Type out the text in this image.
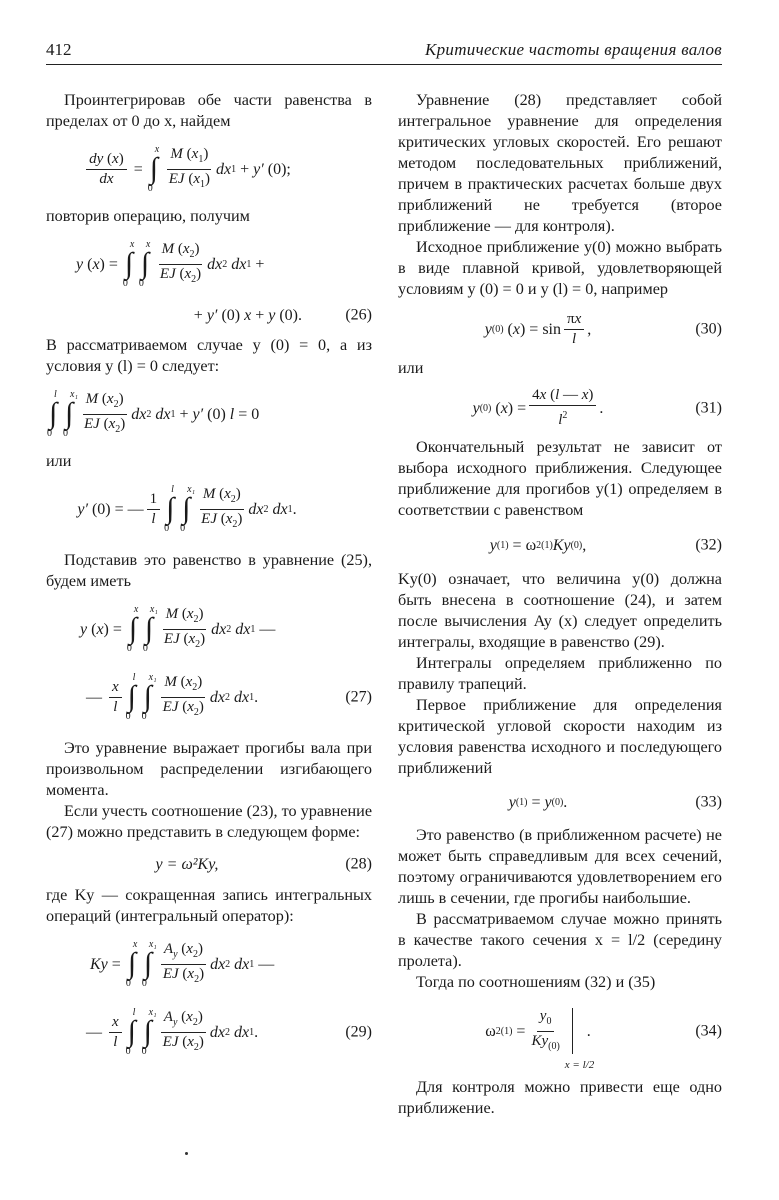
412	Критические частоты вращения валов

Проинтегрировав обе части равенства в пределах от 0 до x, найдем

dy (x)
dx
=
x
∫
0
M $(x_1)$
EJ $(x_1)$
dx 1 + y′ (0);

повторив операцию, получим

y ( x ) =
x
∫
0
x
∫
0
M $(x_2)$
EJ $(x_2)$
dx 2
dx 1 +
+ y′ (0) x + y (0).	(26)

В рассматриваемом случае y (0) = 0, а из условия y (l) = 0 следует:

l
∫
0
x₁
∫
0
M $(x_2)$
EJ $(x_2)$
dx 2
dx 1 + y′ (0) l = 0

или

y′ (0) = —
1
l
l
∫
0
x₁
∫
0
M $(x_2)$
EJ $(x_2)$
dx 2
dx 1 .

Подставив это равенство в уравнение (25), будем иметь

y ( x ) =
x
∫
0
x₁
∫
0
M $(x_2)$
EJ $(x_2)$
dx 2
dx 1 —
—
x
l
l
∫
0
x₁
∫
0
M $(x_2)$
EJ $(x_2)$
dx 2
dx 1 .	(27)

Это уравнение выражает прогибы вала при произвольном распределении изгибающего момента.

Если учесть соотношение (23), то уравнение (27) можно представить в следующем форме:

y = ω²Ky,	(28)

где Ky — сокращенная запись интегральных операций (интегральный оператор):

Ky =
x
∫
0
x₁
∫
0
$A_y$ $(x_2)$
EJ $(x_2)$
dx 2
dx 1 —
—
x
l
l
∫
0
x₁
∫
0
$A_y$ $(x_2)$
EJ $(x_2)$
dx 2
dx 1 .	(29)

Уравнение (28) представляет собой интегральное уравнение для определения критических угловых скоростей. Его решают методом последовательных приближений, причем в практических расчетах больше двух приближений не требуется (второе приближение — для контроля).

Исходное приближение y(0) можно выбрать в виде плавной кривой, удовлетворяющей условиям y (0) = 0 и y (l) = 0, например

y (0) ( x ) = sin
πx
l
,	(30)

или

y (0) ( x ) =
4x (l — x)
$l^2$ .	(31)

Окончательный результат не зависит от выбора исходного приближения. Следующее приближение для прогибов y(1) определяем в соответствии с равенством

y (1) = ω 2 (1) Ky (0) ,	(32)

Ky(0) означает, что величина y(0) должна быть внесена в соотношение (24), и затем после вычисления Ay (x) следует определить интегралы, входящие в равенство (29).

Интегралы определяем приближенно по правилу трапеций.

Первое приближение для определения критической угловой скорости находим из условия равенства исходного и последующего приближений

y (1) = y (0) .	(33)

Это равенство (в приближенном расчете) не может быть справедливым для всех сечений, поэтому ограничиваются удовлетворением его лишь в сечении, где прогибы наибольшие.

В рассматриваемом случае можно принять в качестве такого сечения x = l/2 (середину пролета).

Тогда по соотношениям (32) и (35)

ω 2 (1) =
$y_0$
$Ky_{(0)}$
x = l/2
.	(34)

Для контроля можно привести еще одно приближение.
